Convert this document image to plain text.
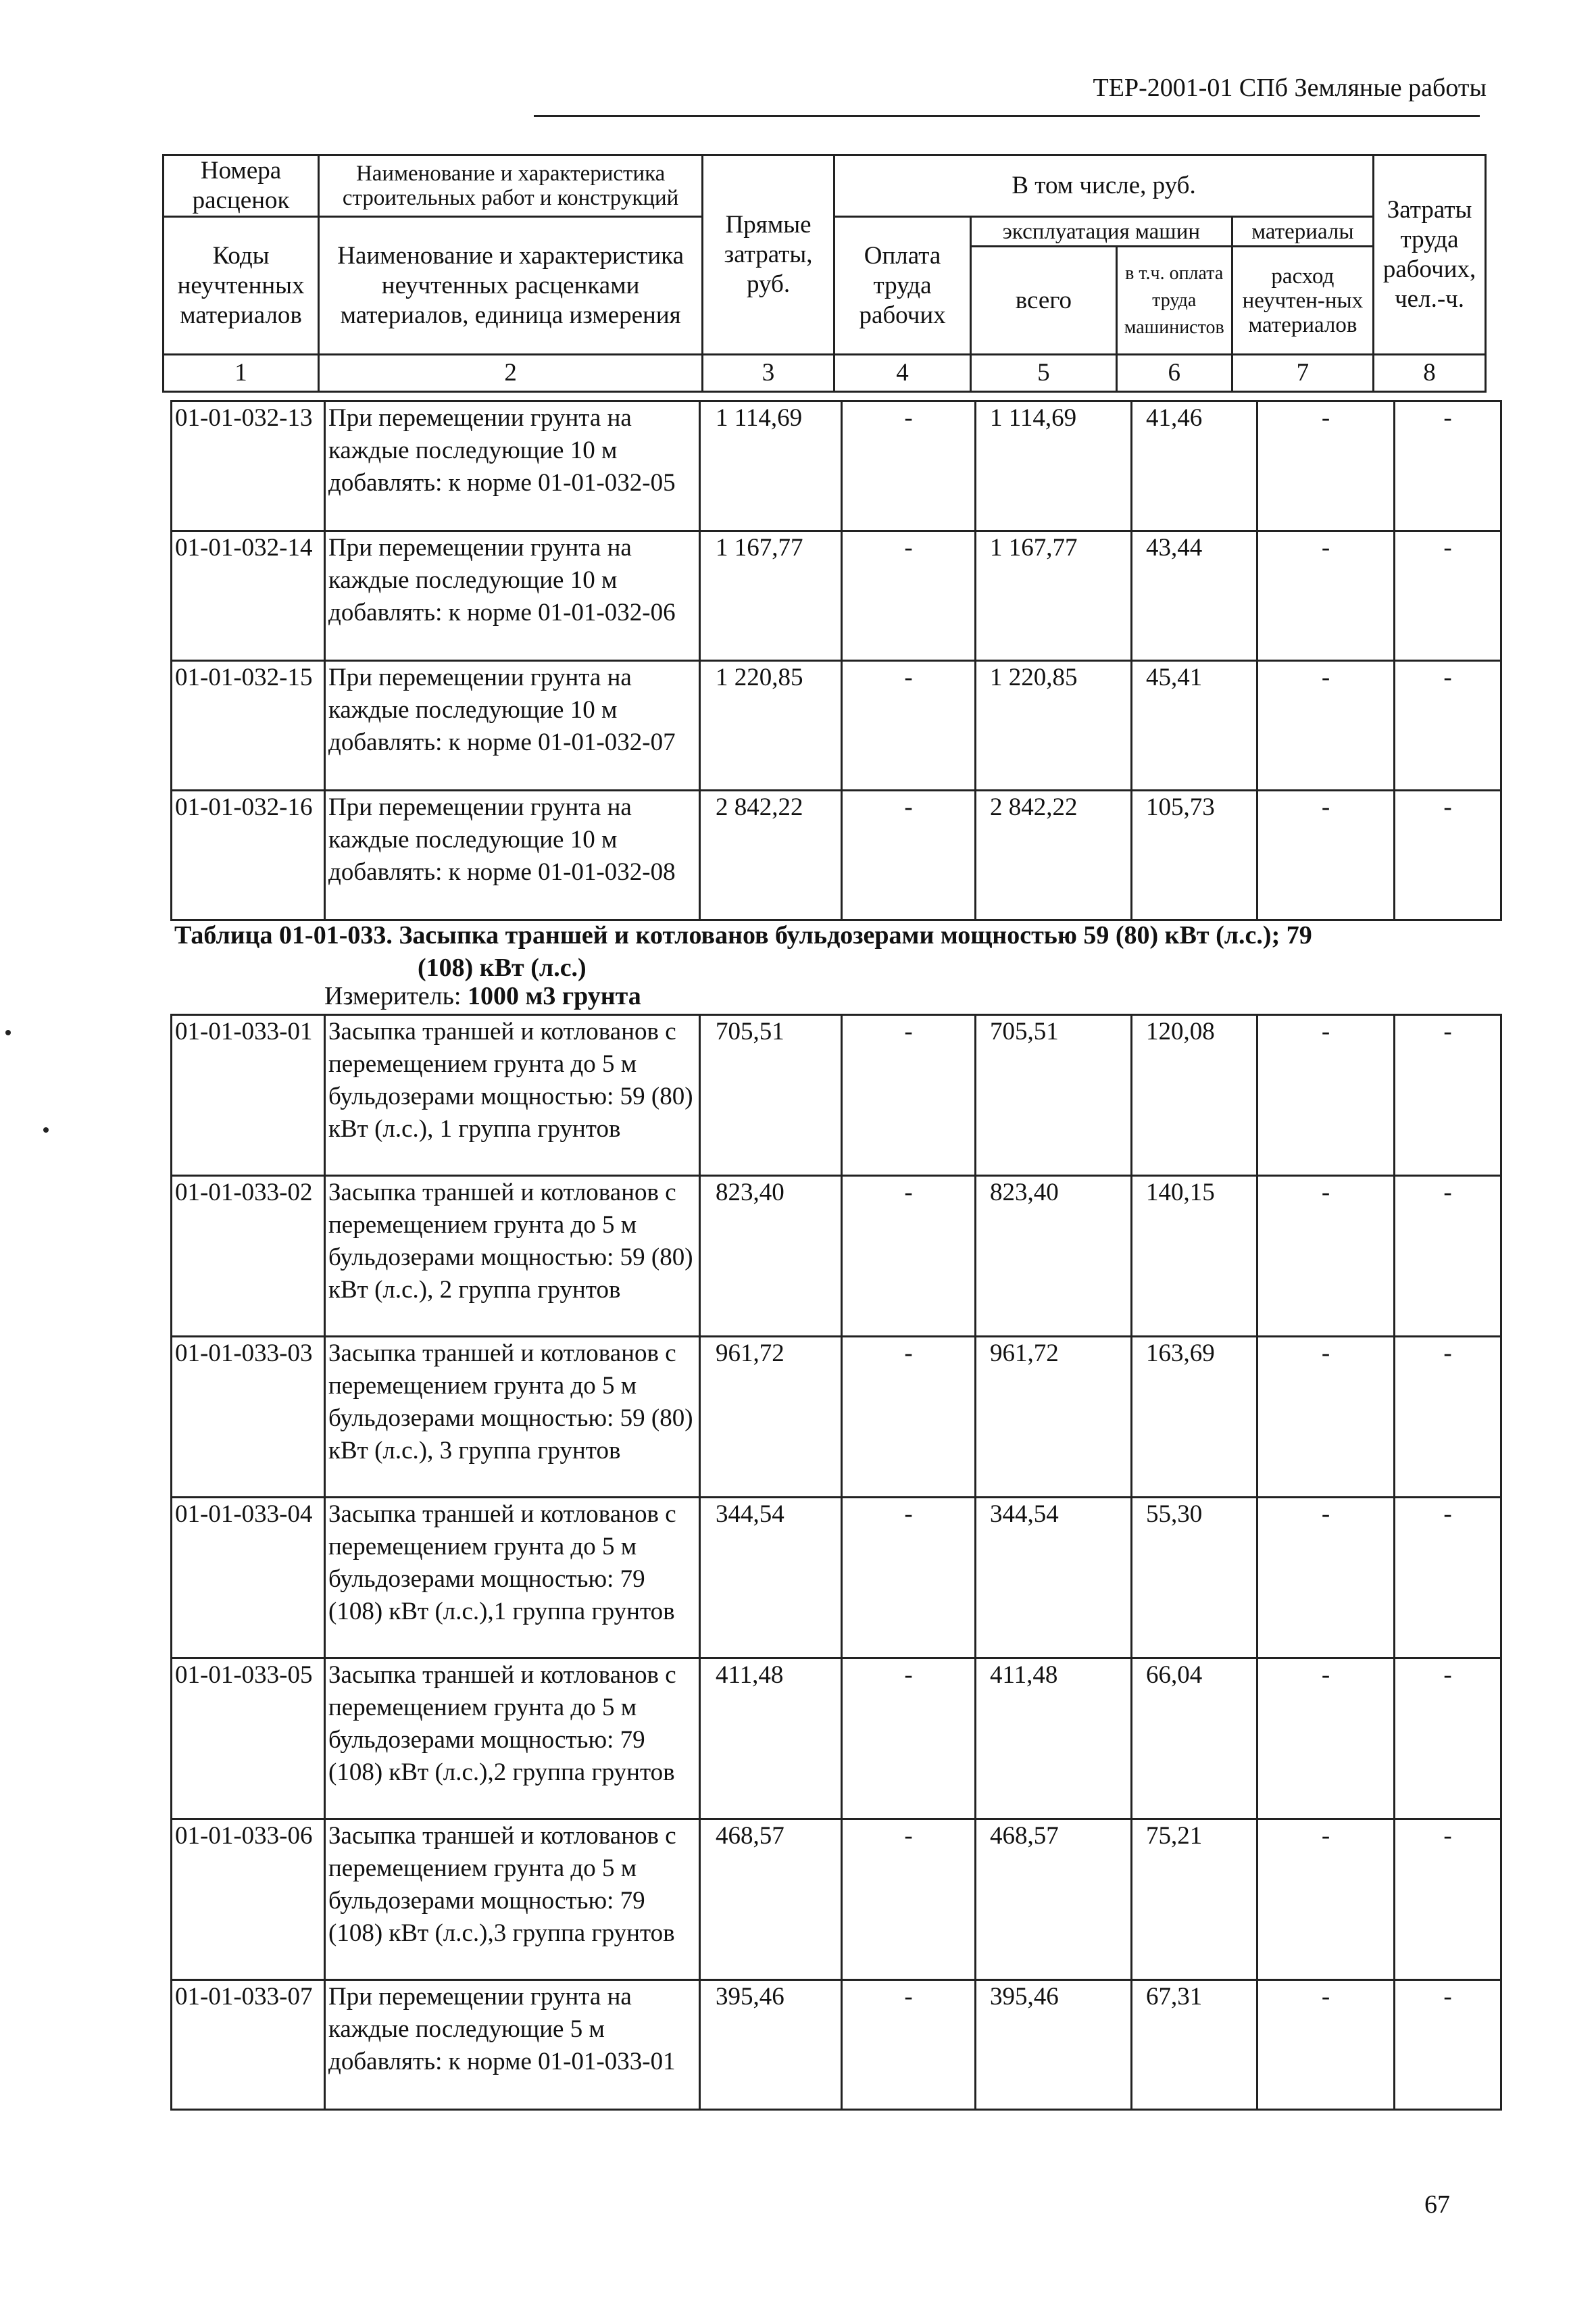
ТЕР-2001-01 СПб Земляные работы
Номера расценок	Наименование и характеристика строительных работ и конструкций	Прямые затраты, руб.	В том числе, руб.				Затраты труда рабочих, чел.-ч.
Коды неучтенных материалов	Наименование и характеристика неучтенных расценками материалов, единица измерения		Оплата труда рабочих	эксплуатация машин		материалы	
				всего	в т.ч. оплата труда машинистов	расход неучтен-ных материалов	
1	2	3	4	5	6	7	8
01-01-032-13	При перемещении грунта на каждые последующие 10 м добавлять: к норме 01-01-032-05	1 114,69	-	1 114,69	41,46	-	-
01-01-032-14	При перемещении грунта на каждые последующие 10 м добавлять: к норме 01-01-032-06	1 167,77	-	1 167,77	43,44	-	-
01-01-032-15	При перемещении грунта на каждые последующие 10 м добавлять: к норме 01-01-032-07	1 220,85	-	1 220,85	45,41	-	-
01-01-032-16	При перемещении грунта на каждые последующие 10 м добавлять: к норме 01-01-032-08	2 842,22	-	2 842,22	105,73	-	-
Таблица 01-01-033. Засыпка траншей и котлованов бульдозерами мощностью 59 (80) кВт (л.с.); 79
(108) кВт (л.с.)
Измеритель: 1000 м3 грунта
01-01-033-01	Засыпка траншей и котлованов с перемещением грунта до 5 м бульдозерами мощностью: 59 (80) кВт (л.с.), 1 группа грунтов	705,51	-	705,51	120,08	-	-
01-01-033-02	Засыпка траншей и котлованов с перемещением грунта до 5 м бульдозерами мощностью: 59 (80) кВт (л.с.), 2 группа грунтов	823,40	-	823,40	140,15	-	-
01-01-033-03	Засыпка траншей и котлованов с перемещением грунта до 5 м бульдозерами мощностью: 59 (80) кВт (л.с.), 3 группа грунтов	961,72	-	961,72	163,69	-	-
01-01-033-04	Засыпка траншей и котлованов с перемещением грунта до 5 м бульдозерами мощностью: 79 (108) кВт (л.с.),1 группа грунтов	344,54	-	344,54	55,30	-	-
01-01-033-05	Засыпка траншей и котлованов с перемещением грунта до 5 м бульдозерами мощностью: 79 (108) кВт (л.с.),2 группа грунтов	411,48	-	411,48	66,04	-	-
01-01-033-06	Засыпка траншей и котлованов с перемещением грунта до 5 м бульдозерами мощностью: 79 (108) кВт (л.с.),3 группа грунтов	468,57	-	468,57	75,21	-	-
01-01-033-07	При перемещении грунта на каждые последующие 5 м добавлять: к норме 01-01-033-01	395,46	-	395,46	67,31	-	-
67
